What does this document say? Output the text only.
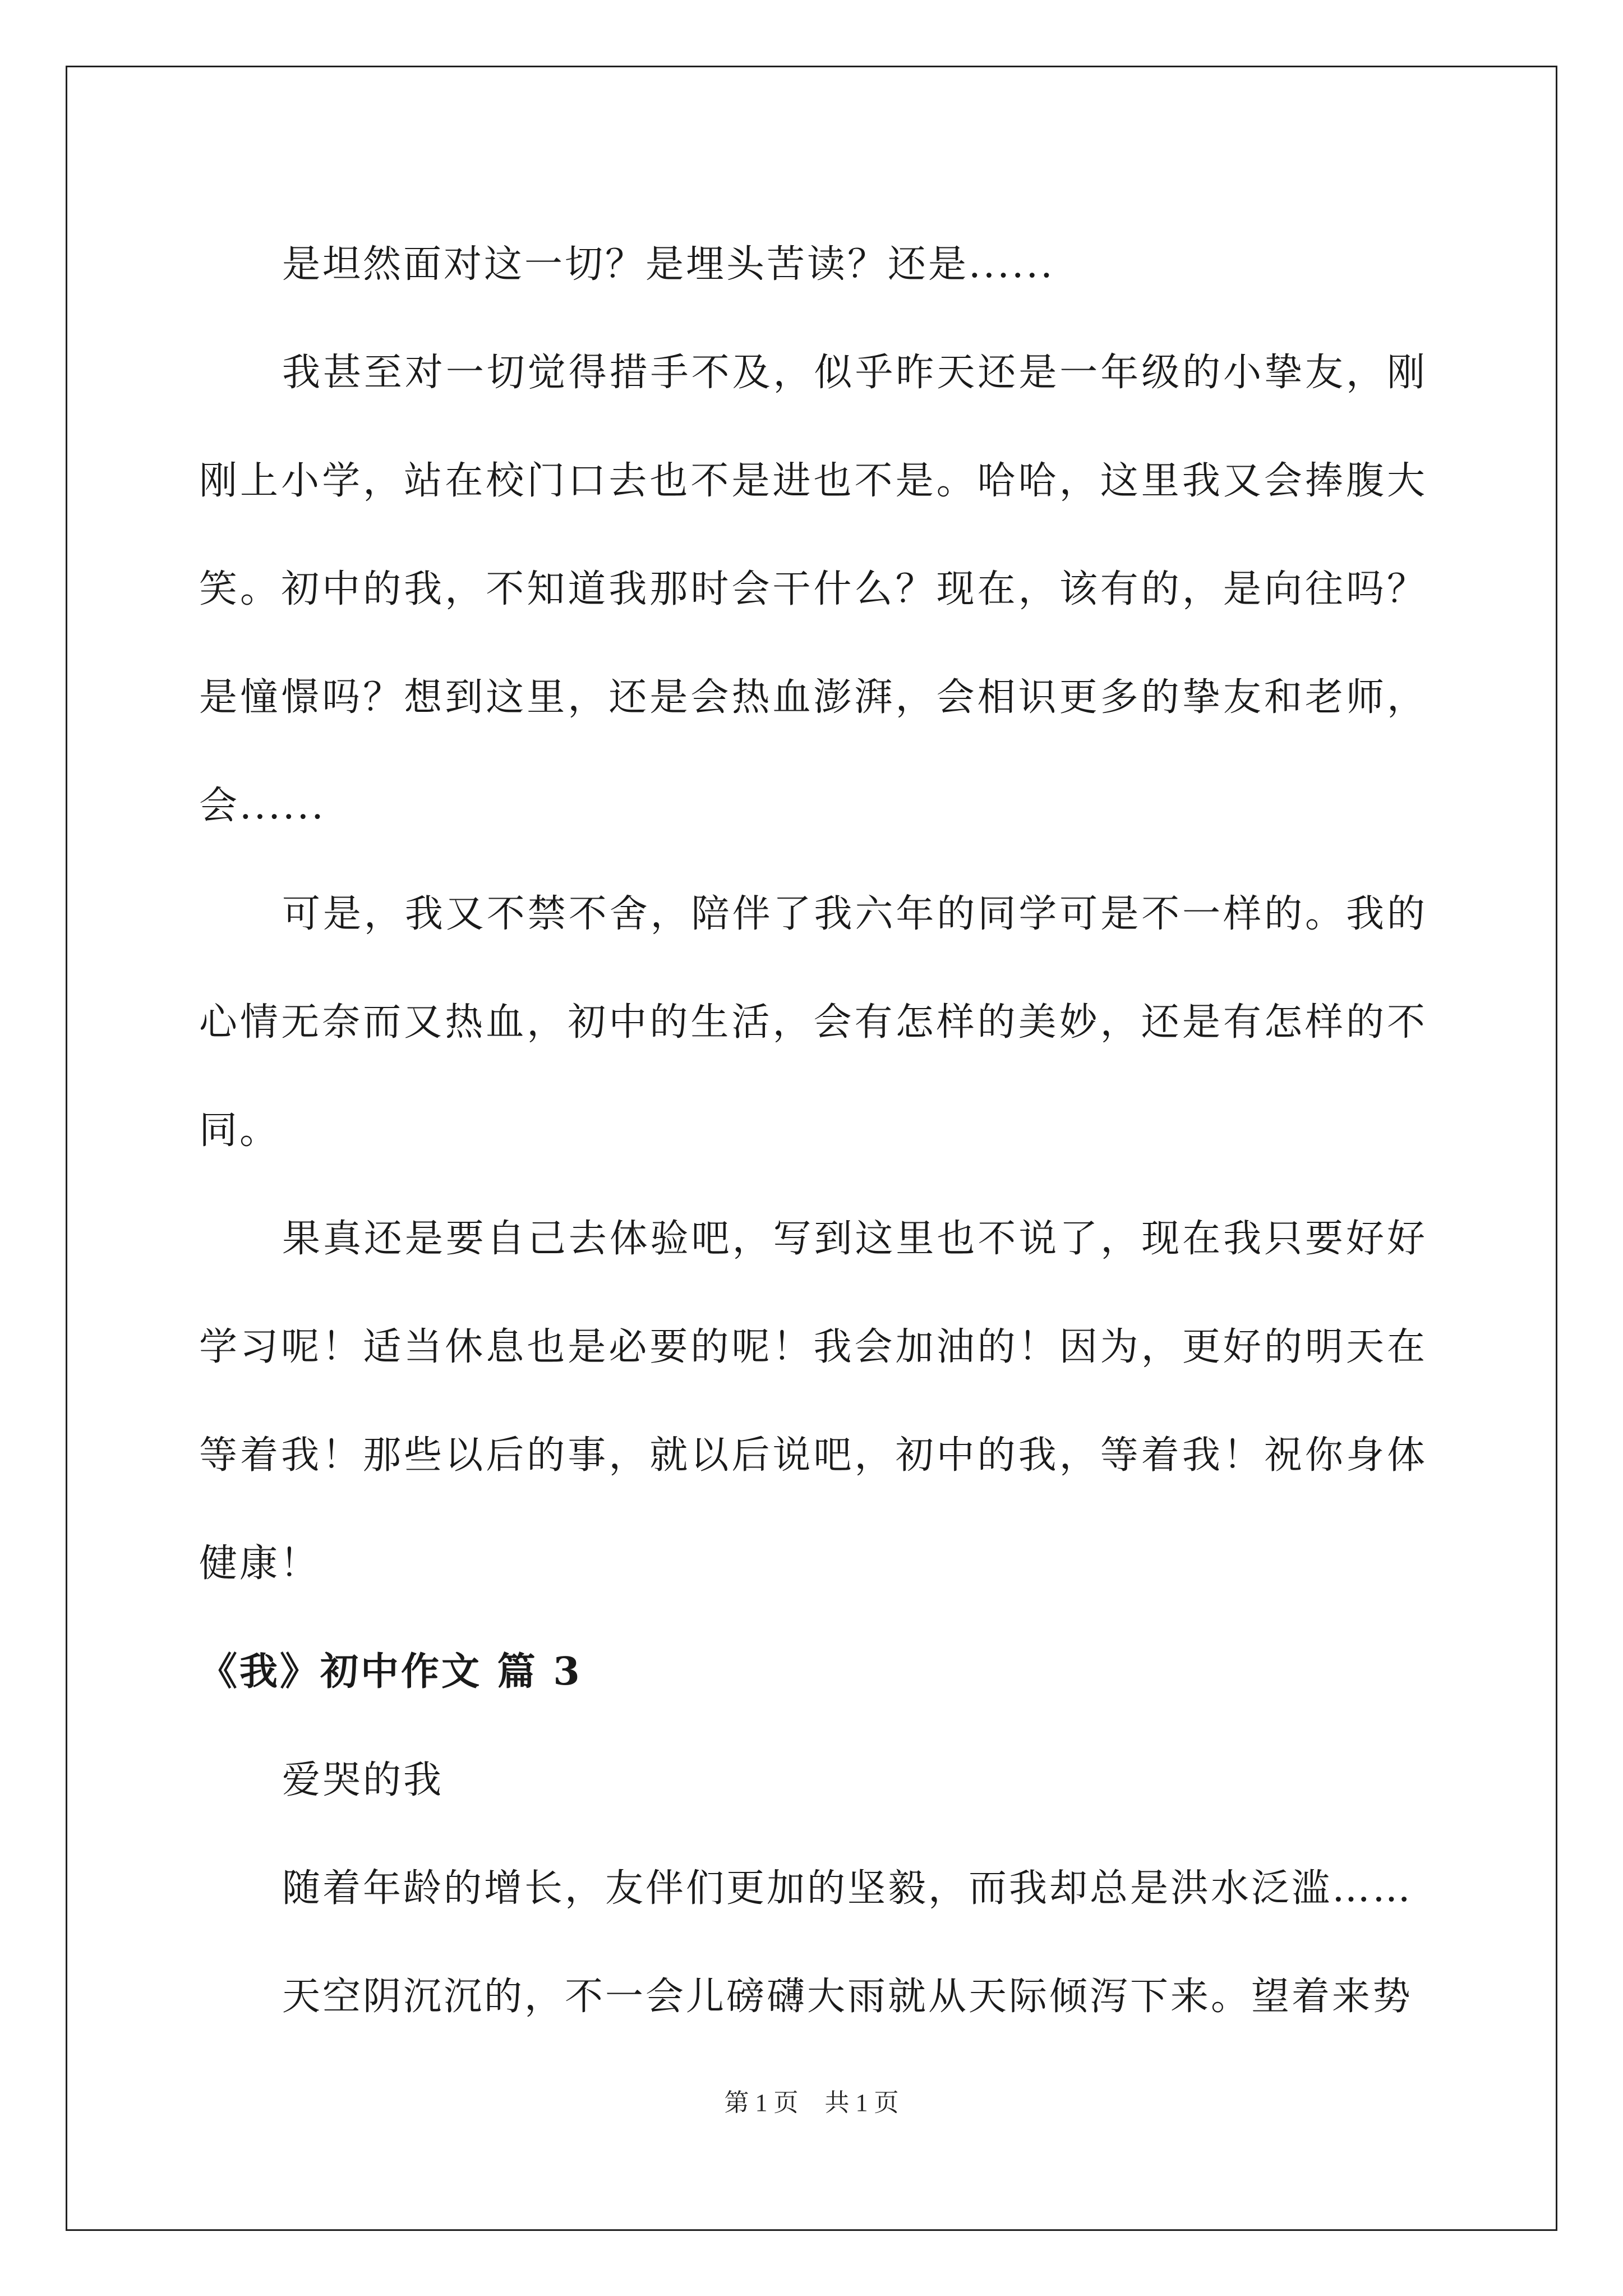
是坦然面对这一切？是埋头苦读？还是......

我甚至对一切觉得措手不及，似乎昨天还是一年级的小挚友，刚刚上小学，站在校门口去也不是进也不是。哈哈，这里我又会捧腹大笑。初中的我，不知道我那时会干什么？现在，该有的，是向往吗？是憧憬吗？想到这里，还是会热血澎湃，会相识更多的挚友和老师，会......

可是，我又不禁不舍，陪伴了我六年的同学可是不一样的。我的心情无奈而又热血，初中的生活，会有怎样的美妙，还是有怎样的不同。

果真还是要自己去体验吧，写到这里也不说了，现在我只要好好学习呢！适当休息也是必要的呢！我会加油的！因为，更好的明天在等着我！那些以后的事，就以后说吧，初中的我，等着我！祝你身体健康！

《我》初中作文 篇 3

爱哭的我

随着年龄的增长，友伴们更加的坚毅，而我却总是洪水泛滥……

天空阴沉沉的，不一会儿磅礴大雨就从天际倾泻下来。望着来势

第 1 页 共 1 页
